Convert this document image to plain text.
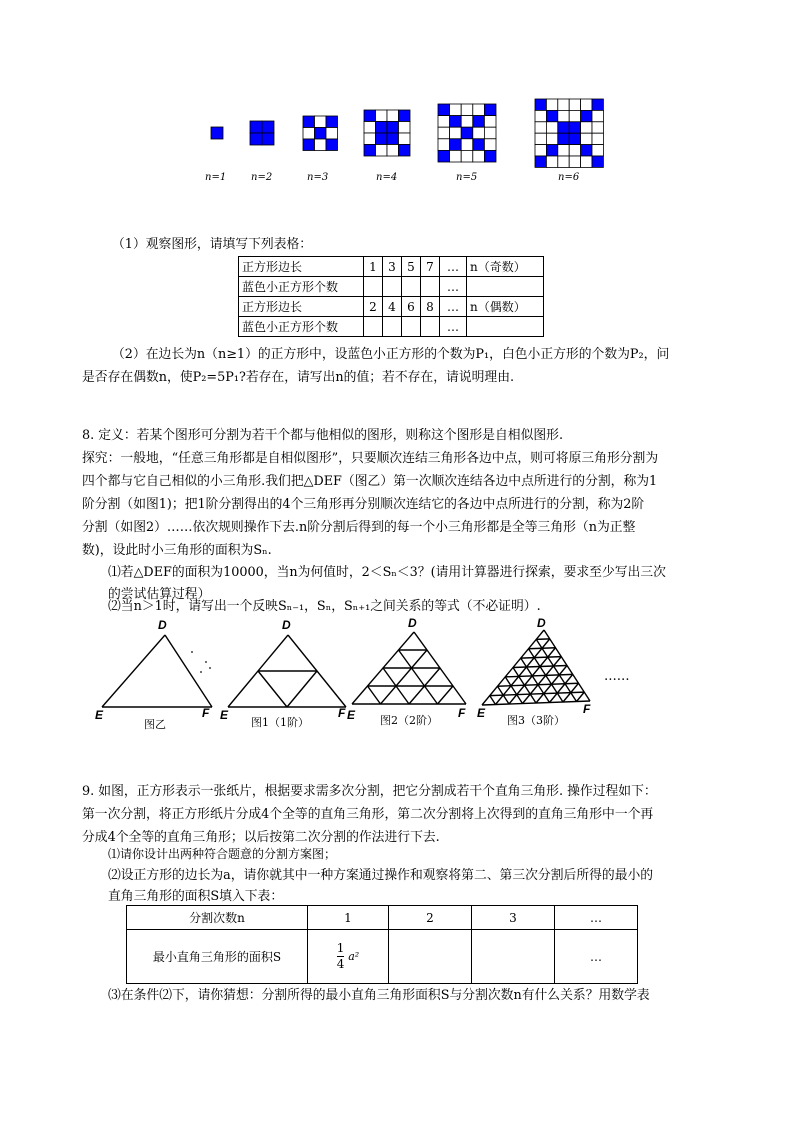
n=1 n=2	n=3	n=4	n=5	n=6
（1）观察图形，请填写下列表格：
正方形边长	1	3	5	7	…	n（奇数）
蓝色小正方形个数					…	
正方形边长	2	4	6	8	…	n（偶数）
蓝色小正方形个数					…	
（2）在边长为n（n≥1）的正方形中，设蓝色小正方形的个数为P₁，白色小正方形的个数为P₂，问
是否存在偶数n，使P₂=5P₁?若存在，请写出n的值；若不存在，请说明理由.
8. 定义：若某个图形可分割为若干个都与他相似的图形，则称这个图形是自相似图形.
探究：一般地，“任意三角形都是自相似图形”，只要顺次连结三角形各边中点，则可将原三角形分割为
四个都与它自己相似的小三角形.我们把△DEF（图乙）第一次顺次连结各边中点所进行的分割，称为1
阶分割（如图1)；把1阶分割得出的4个三角形再分别顺次连结它的各边中点所进行的分割，称为2阶
分割（如图2）……依次规则操作下去.n阶分割后得到的每一个小三角形都是全等三角形（n为正整
数)，设此时小三角形的面积为Sₙ.
⑴若△DEF的面积为10000，当n为何值时，2＜Sₙ＜3？(请用计算器进行探索，要求至少写出三次
的尝试估算过程）
⑵当n＞1时，请写出一个反映Sₙ₋₁，Sₙ，Sₙ₊₁之间关系的等式（不必证明）.
D
E	F
D
E	F
D
E	F
D
E	F
图乙	图1（1阶）	图2（2阶）	图3（3阶）
……
9. 如图，正方形表示一张纸片，根据要求需多次分割，把它分割成若干个直角三角形. 操作过程如下：
第一次分割，将正方形纸片分成4个全等的直角三角形，第二次分割将上次得到的直角三角形中一个再
分成4个全等的直角三角形；以后按第二次分割的作法进行下去.
⑴请你设计出两种符合题意的分割方案图；
⑵设正方形的边长为a，请你就其中一种方案通过操作和观察将第二、第三次分割后所得的最小的
直角三角形的面积S填入下表：
分割次数n	1	2	3	…
最小直角三角形的面积S	$\frac{1}{4} a^2$			…
⑶在条件⑵下，请你猜想：分割所得的最小直角三角形面积S与分割次数n有什么关系？用数学表
